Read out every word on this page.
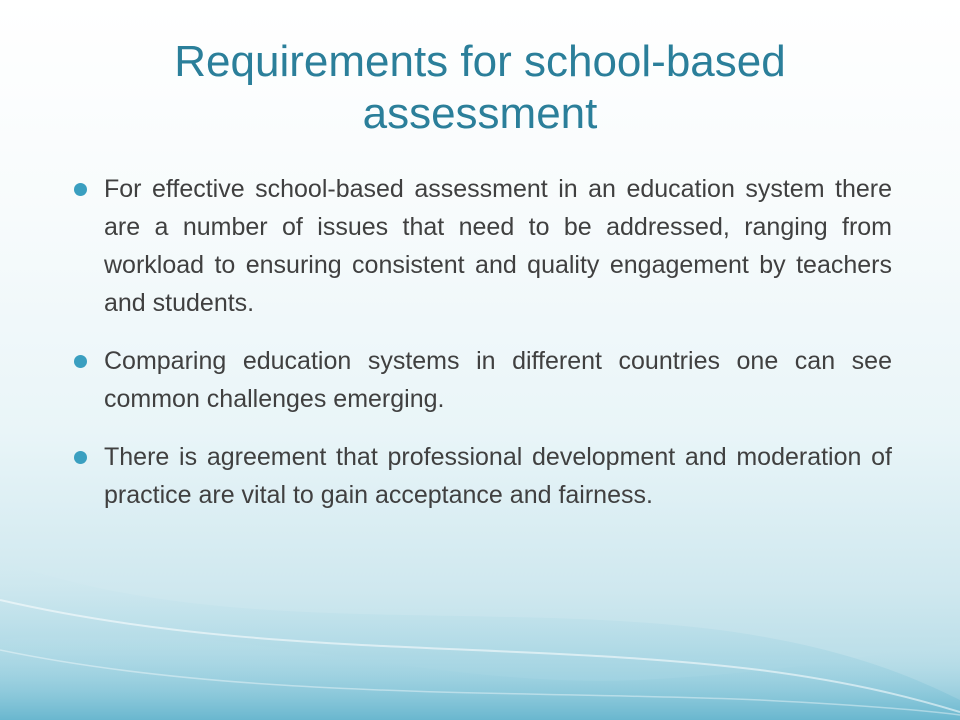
Requirements for school-based assessment
For effective school-based assessment in an education system there are a number of issues that need to be addressed, ranging from workload to ensuring consistent and quality engagement by teachers and students.
Comparing education systems in different countries one can see common challenges emerging.
There is agreement that professional development and moderation of practice are vital to gain acceptance and fairness.
